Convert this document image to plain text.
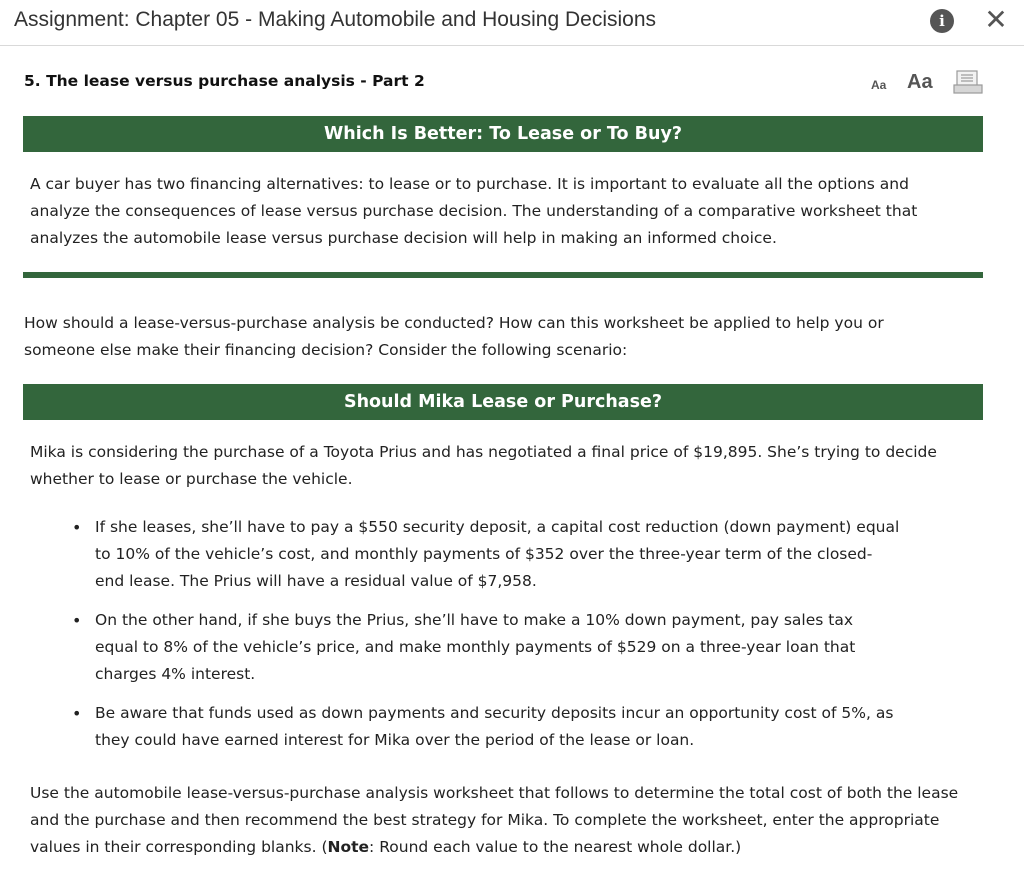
Assignment: Chapter 05 - Making Automobile and Housing Decisions	i	✕
5. The lease versus purchase analysis - Part 2	Aa Aa
Which Is Better: To Lease or To Buy?
A car buyer has two financing alternatives: to lease or to purchase. It is important to evaluate all the options and analyze the consequences of lease versus purchase decision. The understanding of a comparative worksheet that analyzes the automobile lease versus purchase decision will help in making an informed choice.
How should a lease-versus-purchase analysis be conducted? How can this worksheet be applied to help you or someone else make their financing decision? Consider the following scenario:
Should Mika Lease or Purchase?
Mika is considering the purchase of a Toyota Prius and has negotiated a final price of $19,895. She’s trying to decide whether to lease or purchase the vehicle.
• If she leases, she’ll have to pay a $550 security deposit, a capital cost reduction (down payment) equal to 10% of the vehicle’s cost, and monthly payments of $352 over the three-year term of the closed-end lease. The Prius will have a residual value of $7,958.
• On the other hand, if she buys the Prius, she’ll have to make a 10% down payment, pay sales tax equal to 8% of the vehicle’s price, and make monthly payments of $529 on a three-year loan that charges 4% interest.
• Be aware that funds used as down payments and security deposits incur an opportunity cost of 5%, as they could have earned interest for Mika over the period of the lease or loan.
Use the automobile lease-versus-purchase analysis worksheet that follows to determine the total cost of both the lease and the purchase and then recommend the best strategy for Mika. To complete the worksheet, enter the appropriate values in their corresponding blanks. (Note: Round each value to the nearest whole dollar.)
